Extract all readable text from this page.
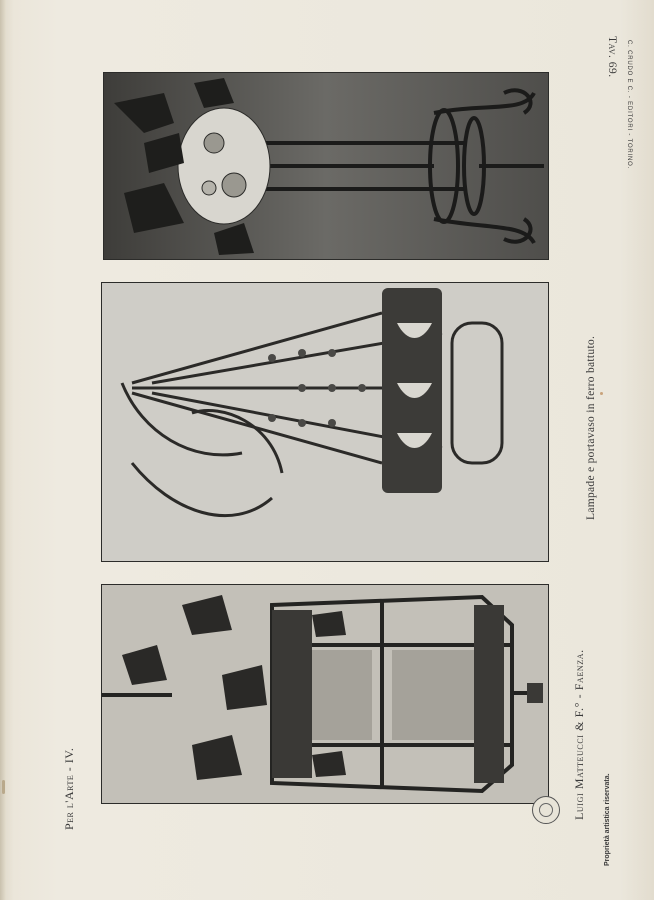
Per l'Arte - IV.
Tav. 69. C. CRUDO E C. - EDITORI - TORINO.
Luigi Matteucci & F.° - Faenza.
Lampade e portavaso in ferro battuto.
Proprietà artistica riservata.
